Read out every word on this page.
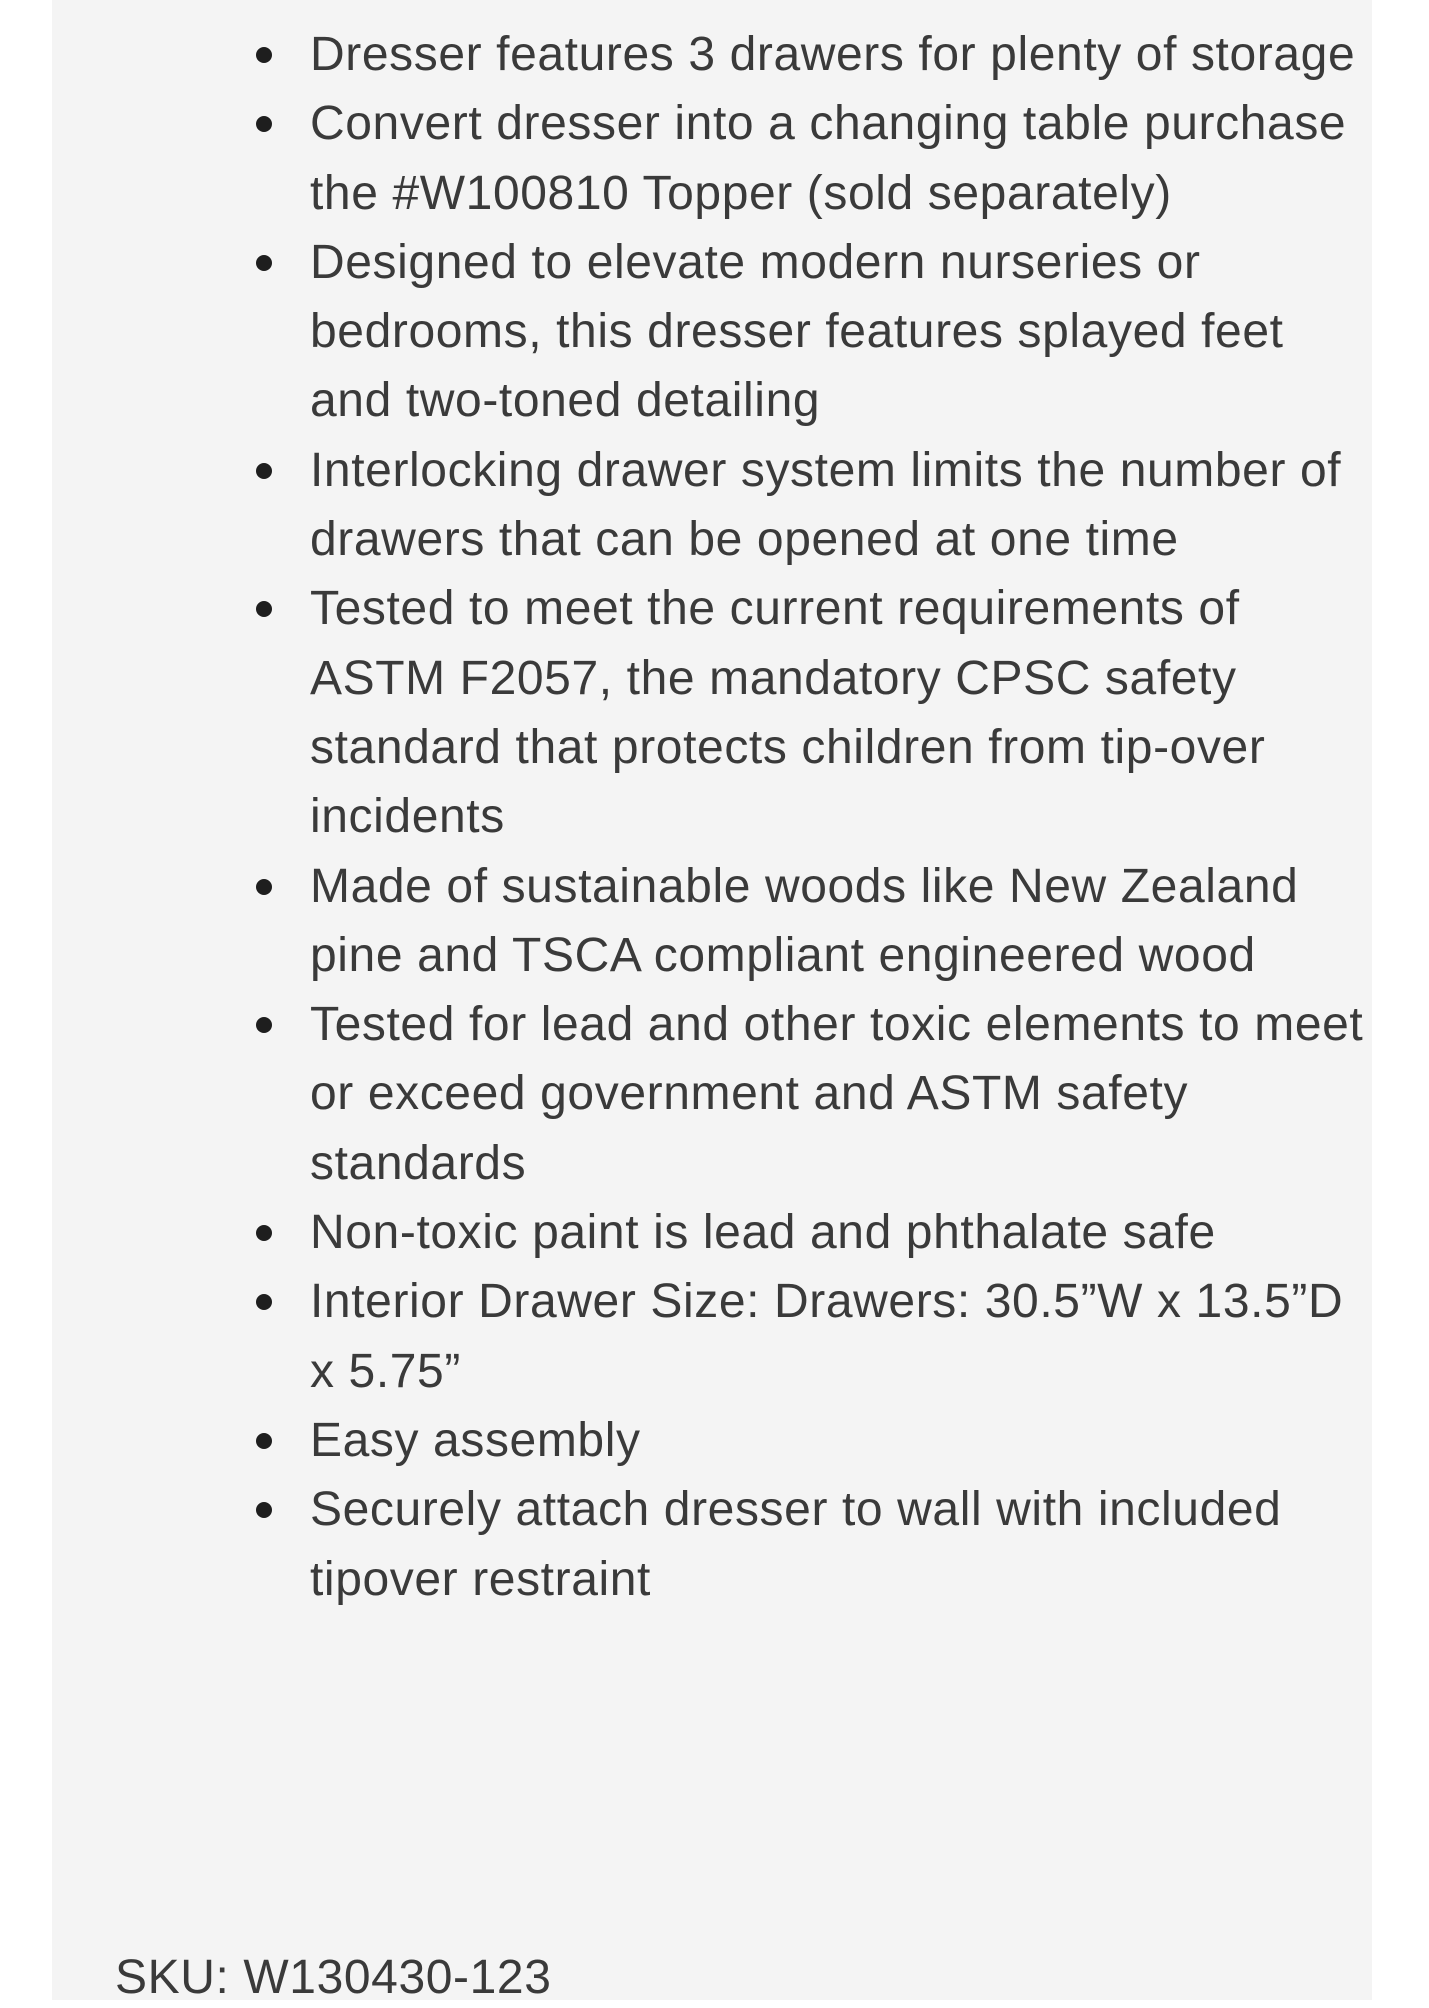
Dresser features 3 drawers for plenty of storage
Convert dresser into a changing table purchase the #W100810 Topper (sold separately)
Designed to elevate modern nurseries or bedrooms, this dresser features splayed feet and two-toned detailing
Interlocking drawer system limits the number of drawers that can be opened at one time
Tested to meet the current requirements of ASTM F2057, the mandatory CPSC safety standard that protects children from tip-over incidents
Made of sustainable woods like New Zealand pine and TSCA compliant engineered wood
Tested for lead and other toxic elements to meet or exceed government and ASTM safety standards
Non-toxic paint is lead and phthalate safe
Interior Drawer Size: Drawers: 30.5”W x 13.5”D x 5.75”
Easy assembly
Securely attach dresser to wall with included tipover restraint
SKU: W130430-123
